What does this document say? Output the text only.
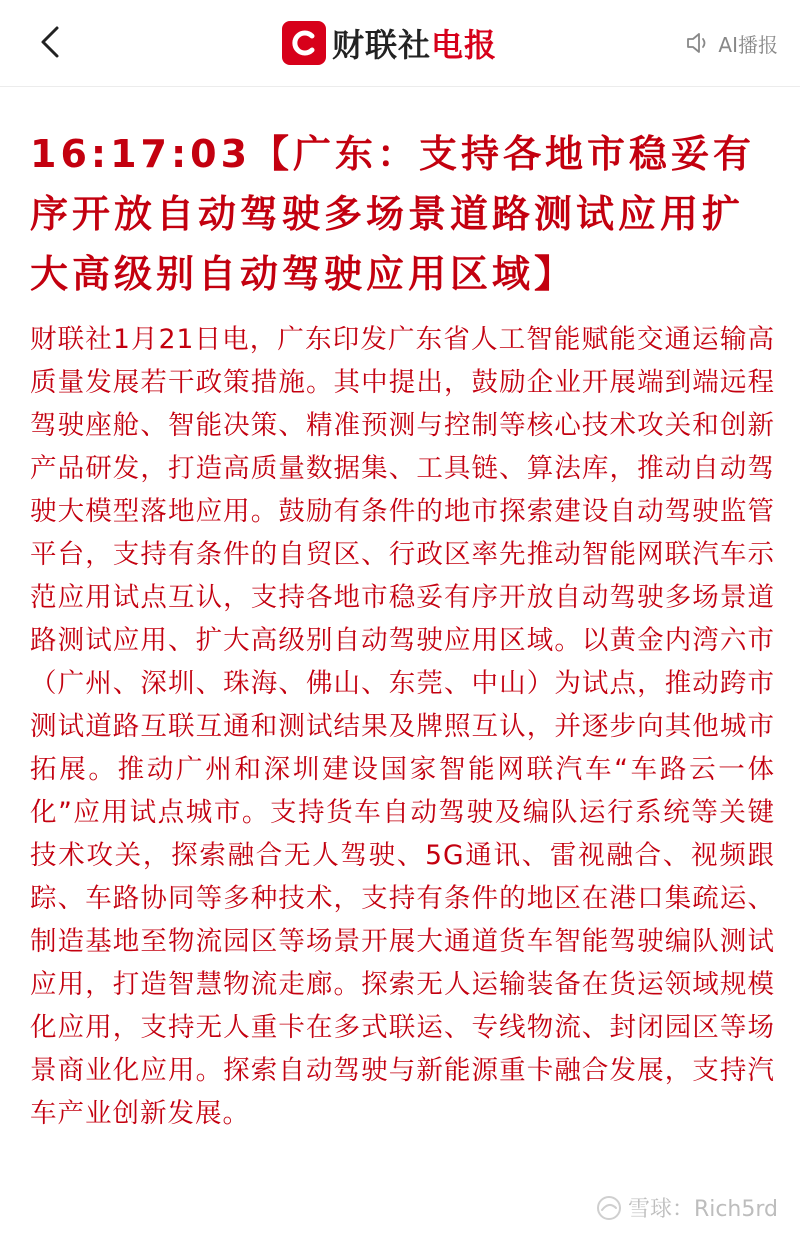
财联社电报	AI播报
16:17:03【广东：支持各地市稳妥有序开放自动驾驶多场景道路测试应用扩大高级别自动驾驶应用区域】

财联社1月21日电，广东印发广东省人工智能赋能交通运输高质量发展若干政策措施。其中提出，鼓励企业开展端到端远程驾驶座舱、智能决策、精准预测与控制等核心技术攻关和创新产品研发，打造高质量数据集、工具链、算法库，推动自动驾驶大模型落地应用。鼓励有条件的地市探索建设自动驾驶监管平台，支持有条件的自贸区、行政区率先推动智能网联汽车示范应用试点互认，支持各地市稳妥有序开放自动驾驶多场景道路测试应用、扩大高级别自动驾驶应用区域。以黄金内湾六市（广州、深圳、珠海、佛山、东莞、中山）为试点，推动跨市测试道路互联互通和测试结果及牌照互认，并逐步向其他城市拓展。推动广州和深圳建设国家智能网联汽车“车路云一体化”应用试点城市。支持货车自动驾驶及编队运行系统等关键技术攻关，探索融合无人驾驶、5G通讯、雷视融合、视频跟踪、车路协同等多种技术，支持有条件的地区在港口集疏运、制造基地至物流园区等场景开展大通道货车智能驾驶编队测试应用，打造智慧物流走廊。探索无人运输装备在货运领域规模化应用，支持无人重卡在多式联运、专线物流、封闭园区等场景商业化应用。探索自动驾驶与新能源重卡融合发展，支持汽车产业创新发展。

雪球：Rich5rd
